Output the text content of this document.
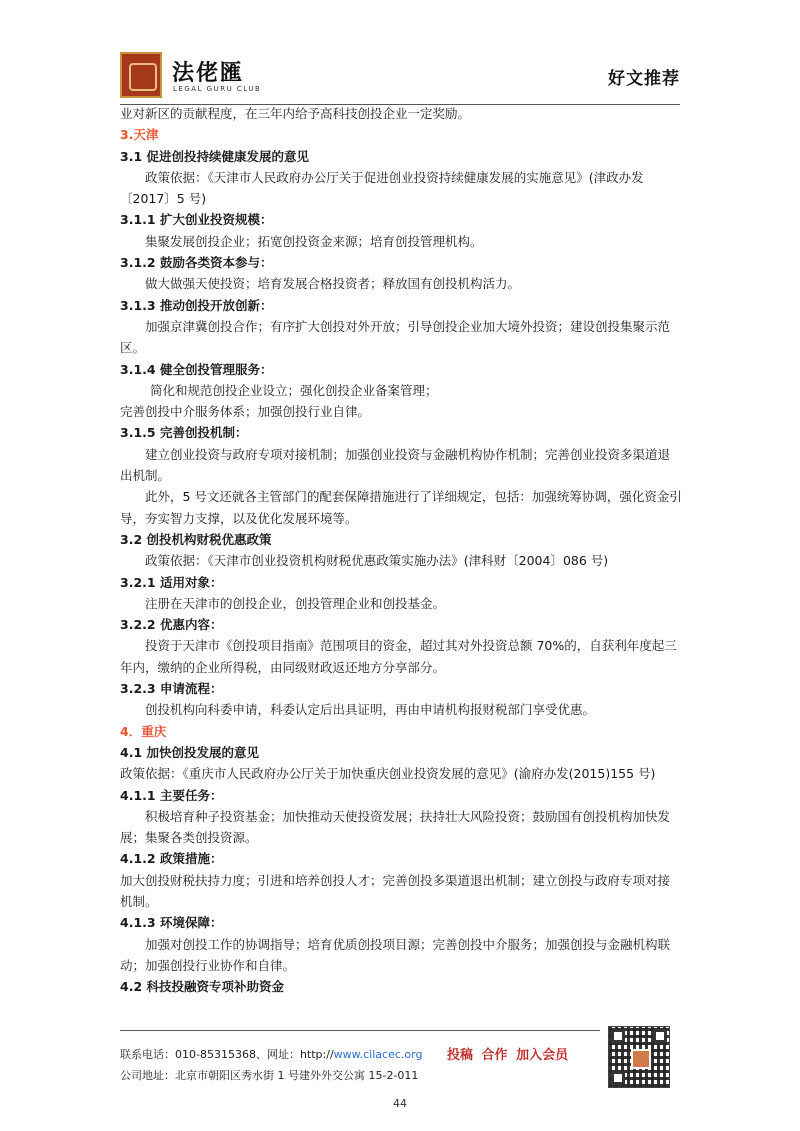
法佬匯
LEGAL GURU CLUB	好文推荐

业对新区的贡献程度，在三年内给予高科技创投企业一定奖励。

3.天津

3.1 促进创投持续健康发展的意见

政策依据：《天津市人民政府办公厅关于促进创业投资持续健康发展的实施意见》(津政办发〔2017〕5 号)

3.1.1 扩大创业投资规模：

集聚发展创投企业；拓宽创投资金来源；培育创投管理机构。

3.1.2 鼓励各类资本参与：

做大做强天使投资；培育发展合格投资者；释放国有创投机构活力。

3.1.3 推动创投开放创新：

加强京津冀创投合作；有序扩大创投对外开放；引导创投企业加大境外投资；建设创投集聚示范区。

3.1.4 健全创投管理服务：

简化和规范创投企业设立；强化创投企业备案管理；

完善创投中介服务体系；加强创投行业自律。

3.1.5 完善创投机制：

建立创业投资与政府专项对接机制；加强创业投资与金融机构协作机制；完善创业投资多渠道退出机制。

此外，5 号文还就各主管部门的配套保障措施进行了详细规定，包括：加强统筹协调，强化资金引导，夯实智力支撑，以及优化发展环境等。

3.2 创投机构财税优惠政策

政策依据：《天津市创业投资机构财税优惠政策实施办法》(津科财〔2004〕086 号)

3.2.1 适用对象：

注册在天津市的创投企业，创投管理企业和创投基金。

3.2.2 优惠内容：

投资于天津市《创投项目指南》范围项目的资金，超过其对外投资总额 70%的，自获利年度起三年内，缴纳的企业所得税，由同级财政返还地方分享部分。

3.2.3 申请流程：

创投机构向科委申请，科委认定后出具证明，再由申请机构报财税部门享受优惠。

4．重庆

4.1 加快创投发展的意见

政策依据：《重庆市人民政府办公厅关于加快重庆创业投资发展的意见》(渝府办发(2015)155 号)

4.1.1 主要任务：

积极培育种子投资基金；加快推动天使投资发展；扶持壮大风险投资；鼓励国有创投机构加快发展；集聚各类创投资源。

4.1.2 政策措施：

加大创投财税扶持力度；引进和培养创投人才；完善创投多渠道退出机制；建立创投与政府专项对接机制。

4.1.3 环境保障：

加强对创投工作的协调指导；培育优质创投项目源；完善创投中介服务；加强创投与金融机构联动；加强创投行业协作和自律。

4.2 科技投融资专项补助资金

联系电话：010-85315368、网址：http://www.cilacec.org 投稿 合作 加入会员
公司地址：北京市朝阳区秀水街 1 号建外外交公寓 15-2-011
44
